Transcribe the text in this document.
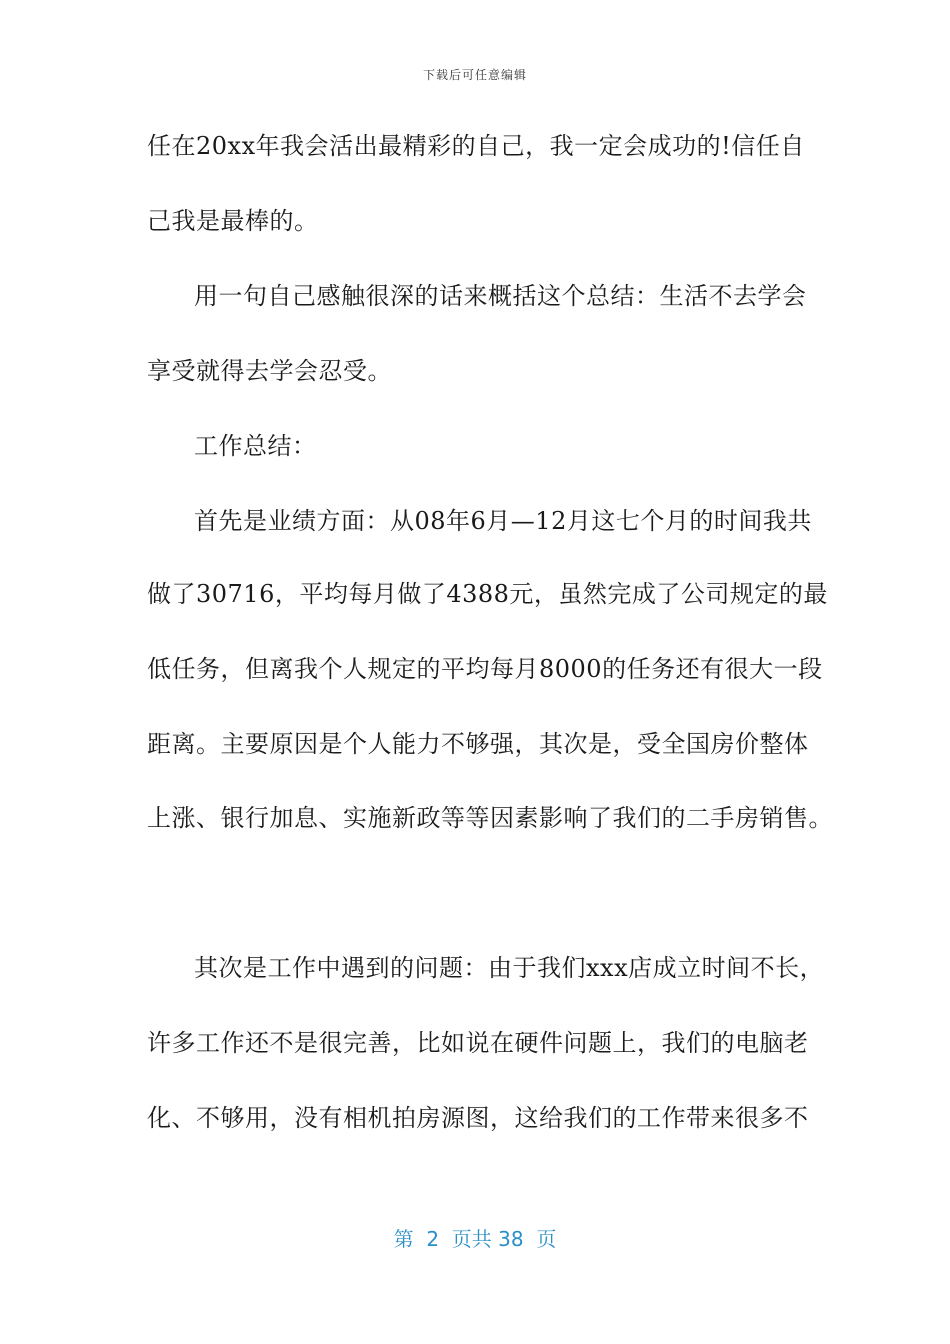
下载后可任意编辑
任在20xx年我会活出最精彩的自己，我一定会成功的!信任自
己我是最棒的。
用一句自己感触很深的话来概括这个总结：生活不去学会
享受就得去学会忍受。
工作总结：
首先是业绩方面：从08年6月—12月这七个月的时间我共
做了30716，平均每月做了4388元，虽然完成了公司规定的最
低任务，但离我个人规定的平均每月8000的任务还有很大一段
距离。主要原因是个人能力不够强，其次是，受全国房价整体
上涨、银行加息、实施新政等等因素影响了我们的二手房销售。
其次是工作中遇到的问题：由于我们xxx店成立时间不长，
许多工作还不是很完善，比如说在硬件问题上，我们的电脑老
化、不够用，没有相机拍房源图，这给我们的工作带来很多不
第  2  页共 38  页
